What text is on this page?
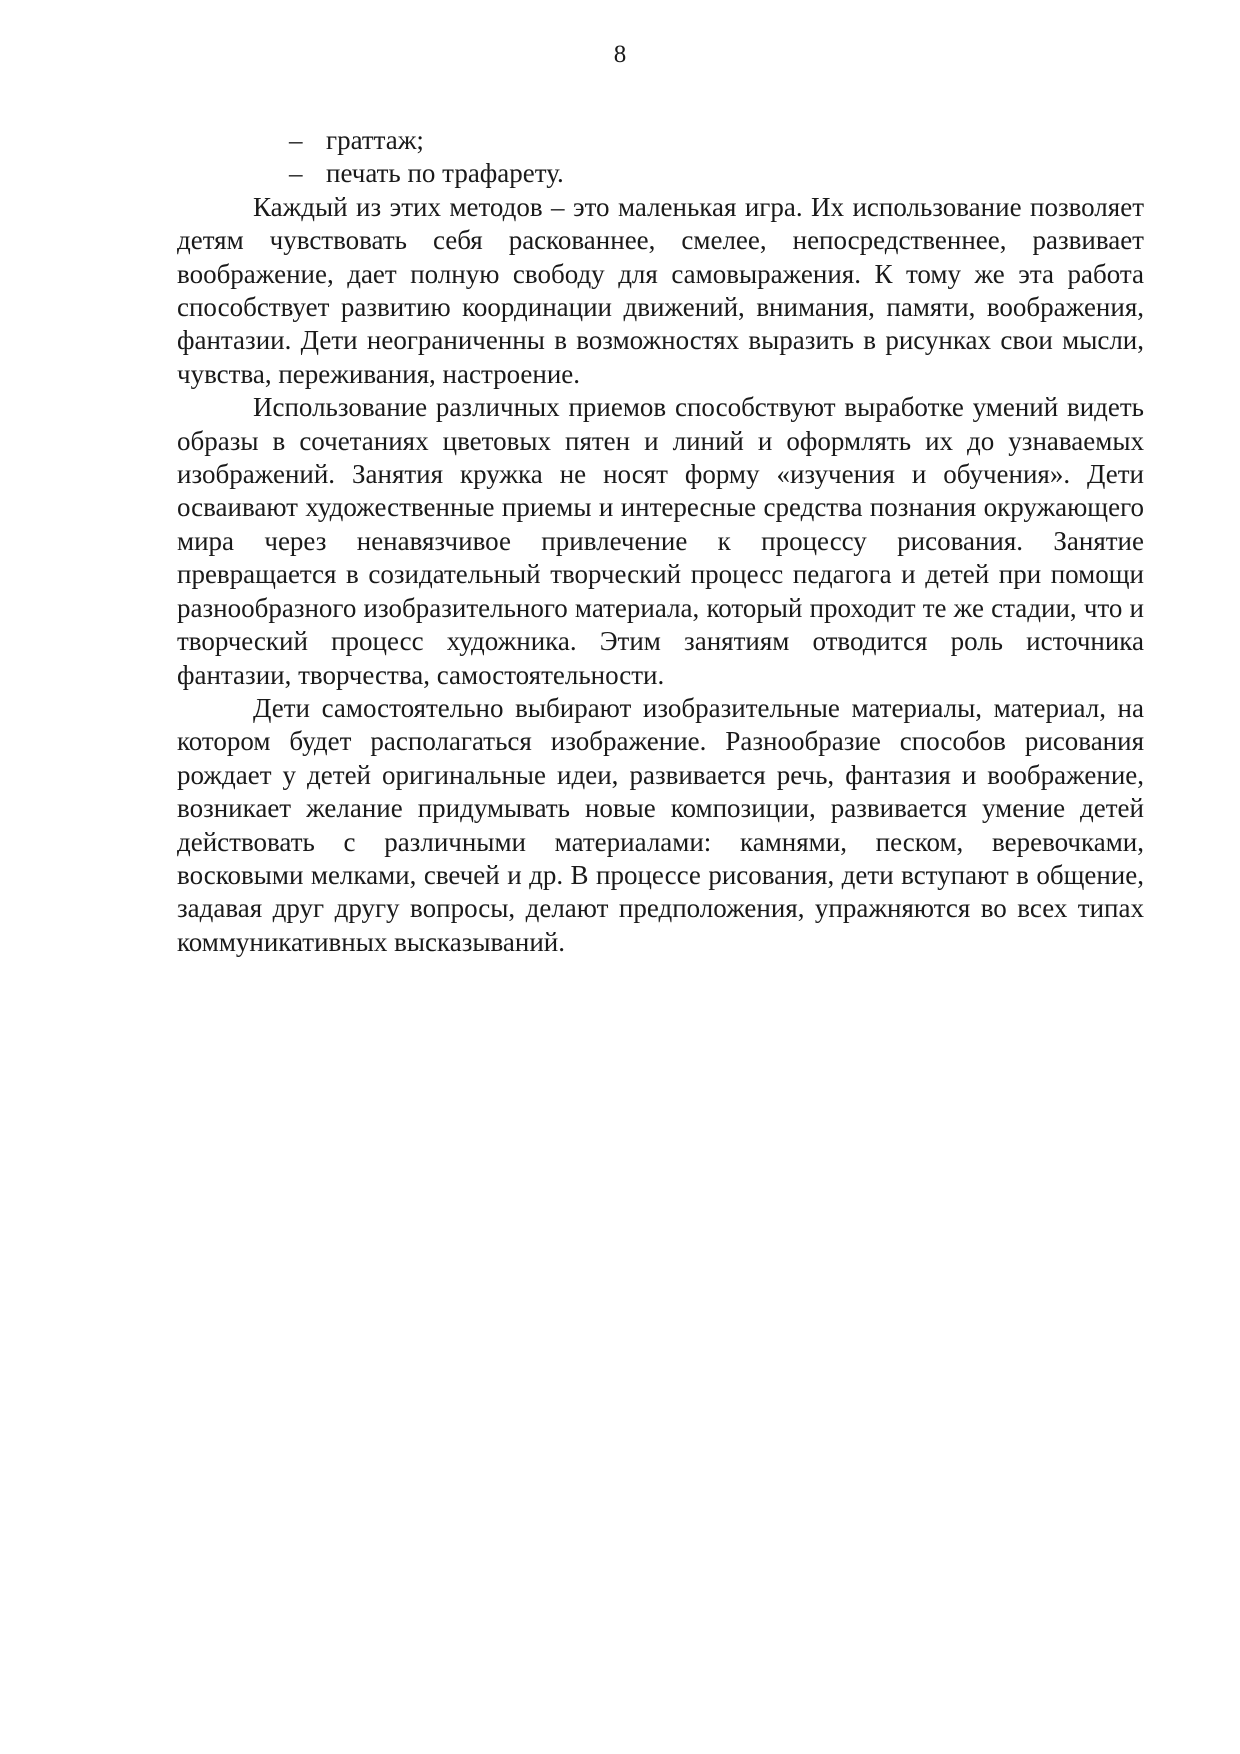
8
– граттаж;
– печать по трафарету.

Каждый из этих методов – это маленькая игра. Их использование позволяет детям чувствовать себя раскованнее, смелее, непосредственнее, развивает воображение, дает полную свободу для самовыражения. К тому же эта работа способствует развитию координации движений, внимания, памяти, воображения, фантазии. Дети неограниченны в возможностях выразить в рисунках свои мысли, чувства, переживания, настроение.

Использование различных приемов способствуют выработке умений видеть образы в сочетаниях цветовых пятен и линий и оформлять их до узнаваемых изображений. Занятия кружка не носят форму «изучения и обучения». Дети осваивают художественные приемы и интересные средства познания окружающего мира через ненавязчивое привлечение к процессу рисования. Занятие превращается в созидательный творческий процесс педагога и детей при помощи разнообразного изобразительного материала, который проходит те же стадии, что и творческий процесс художника. Этим занятиям отводится роль источника фантазии, творчества, самостоятельности.

Дети самостоятельно выбирают изобразительные материалы, материал, на котором будет располагаться изображение. Разнообразие способов рисования рождает у детей оригинальные идеи, развивается речь, фантазия и воображение, возникает желание придумывать новые композиции, развивается умение детей действовать с различными материалами: камнями, песком, веревочками, восковыми мелками, свечей и др. В процессе рисования, дети вступают в общение, задавая друг другу вопросы, делают предположения, упражняются во всех типах коммуникативных высказываний.
